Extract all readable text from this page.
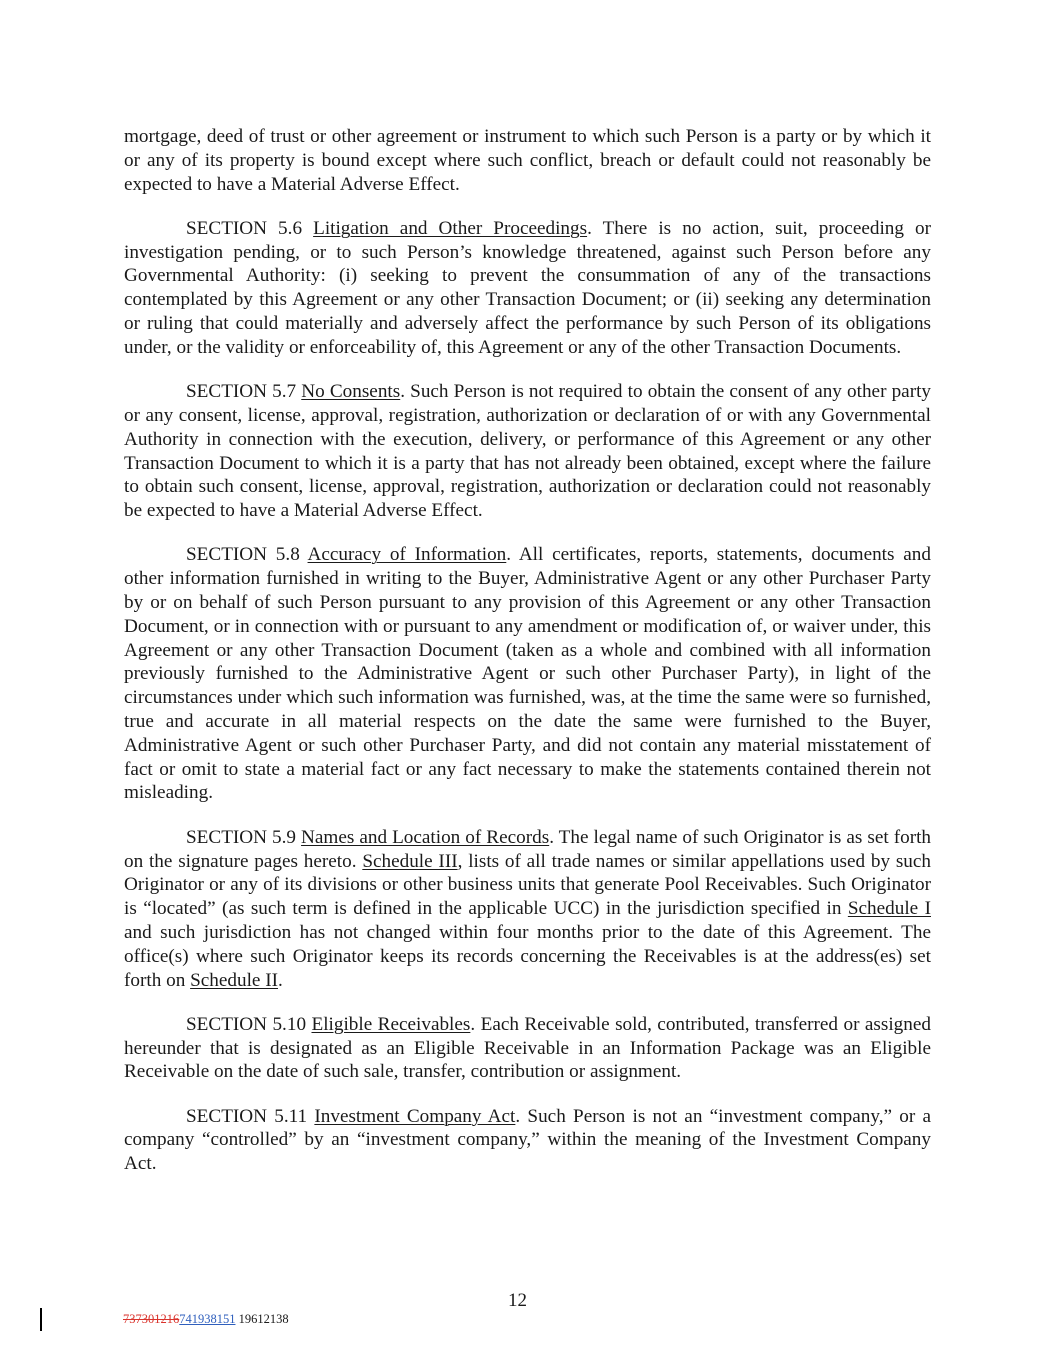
mortgage, deed of trust or other agreement or instrument to which such Person is a party or by which it or any of its property is bound except where such conflict, breach or default could not reasonably be expected to have a Material Adverse Effect.

SECTION 5.6 Litigation and Other Proceedings. There is no action, suit, proceeding or investigation pending, or to such Person’s knowledge threatened, against such Person before any Governmental Authority: (i) seeking to prevent the consummation of any of the transactions contemplated by this Agreement or any other Transaction Document; or (ii) seeking any determination or ruling that could materially and adversely affect the performance by such Person of its obligations under, or the validity or enforceability of, this Agreement or any of the other Transaction Documents.

SECTION 5.7 No Consents. Such Person is not required to obtain the consent of any other party or any consent, license, approval, registration, authorization or declaration of or with any Governmental Authority in connection with the execution, delivery, or performance of this Agreement or any other Transaction Document to which it is a party that has not already been obtained, except where the failure to obtain such consent, license, approval, registration, authorization or declaration could not reasonably be expected to have a Material Adverse Effect.

SECTION 5.8 Accuracy of Information. All certificates, reports, statements, documents and other information furnished in writing to the Buyer, Administrative Agent or any other Purchaser Party by or on behalf of such Person pursuant to any provision of this Agreement or any other Transaction Document, or in connection with or pursuant to any amendment or modification of, or waiver under, this Agreement or any other Transaction Document (taken as a whole and combined with all information previously furnished to the Administrative Agent or such other Purchaser Party), in light of the circumstances under which such information was furnished, was, at the time the same were so furnished, true and accurate in all material respects on the date the same were furnished to the Buyer, Administrative Agent or such other Purchaser Party, and did not contain any material misstatement of fact or omit to state a material fact or any fact necessary to make the statements contained therein not misleading.

SECTION 5.9 Names and Location of Records. The legal name of such Originator is as set forth on the signature pages hereto. Schedule III, lists of all trade names or similar appellations used by such Originator or any of its divisions or other business units that generate Pool Receivables. Such Originator is “located” (as such term is defined in the applicable UCC) in the jurisdiction specified in Schedule I and such jurisdiction has not changed within four months prior to the date of this Agreement. The office(s) where such Originator keeps its records concerning the Receivables is at the address(es) set forth on Schedule II.

SECTION 5.10 Eligible Receivables. Each Receivable sold, contributed, transferred or assigned hereunder that is designated as an Eligible Receivable in an Information Package was an Eligible Receivable on the date of such sale, transfer, contribution or assignment.

SECTION 5.11 Investment Company Act. Such Person is not an “investment company,” or a company “controlled” by an “investment company,” within the meaning of the Investment Company Act.

12
737301216741938151 19612138
